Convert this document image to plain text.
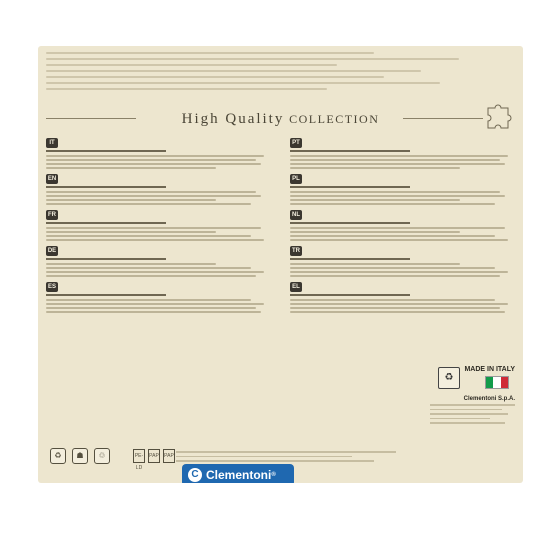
High Quality COLLECTION
IT
EN
FR
DE
ES
PT
PL
NL
TR
EL
♻
MADE IN ITALY
Clementoni S.p.A.
♻	☗	♲	PE-LD
PAP PAP
C Clementoni ®
